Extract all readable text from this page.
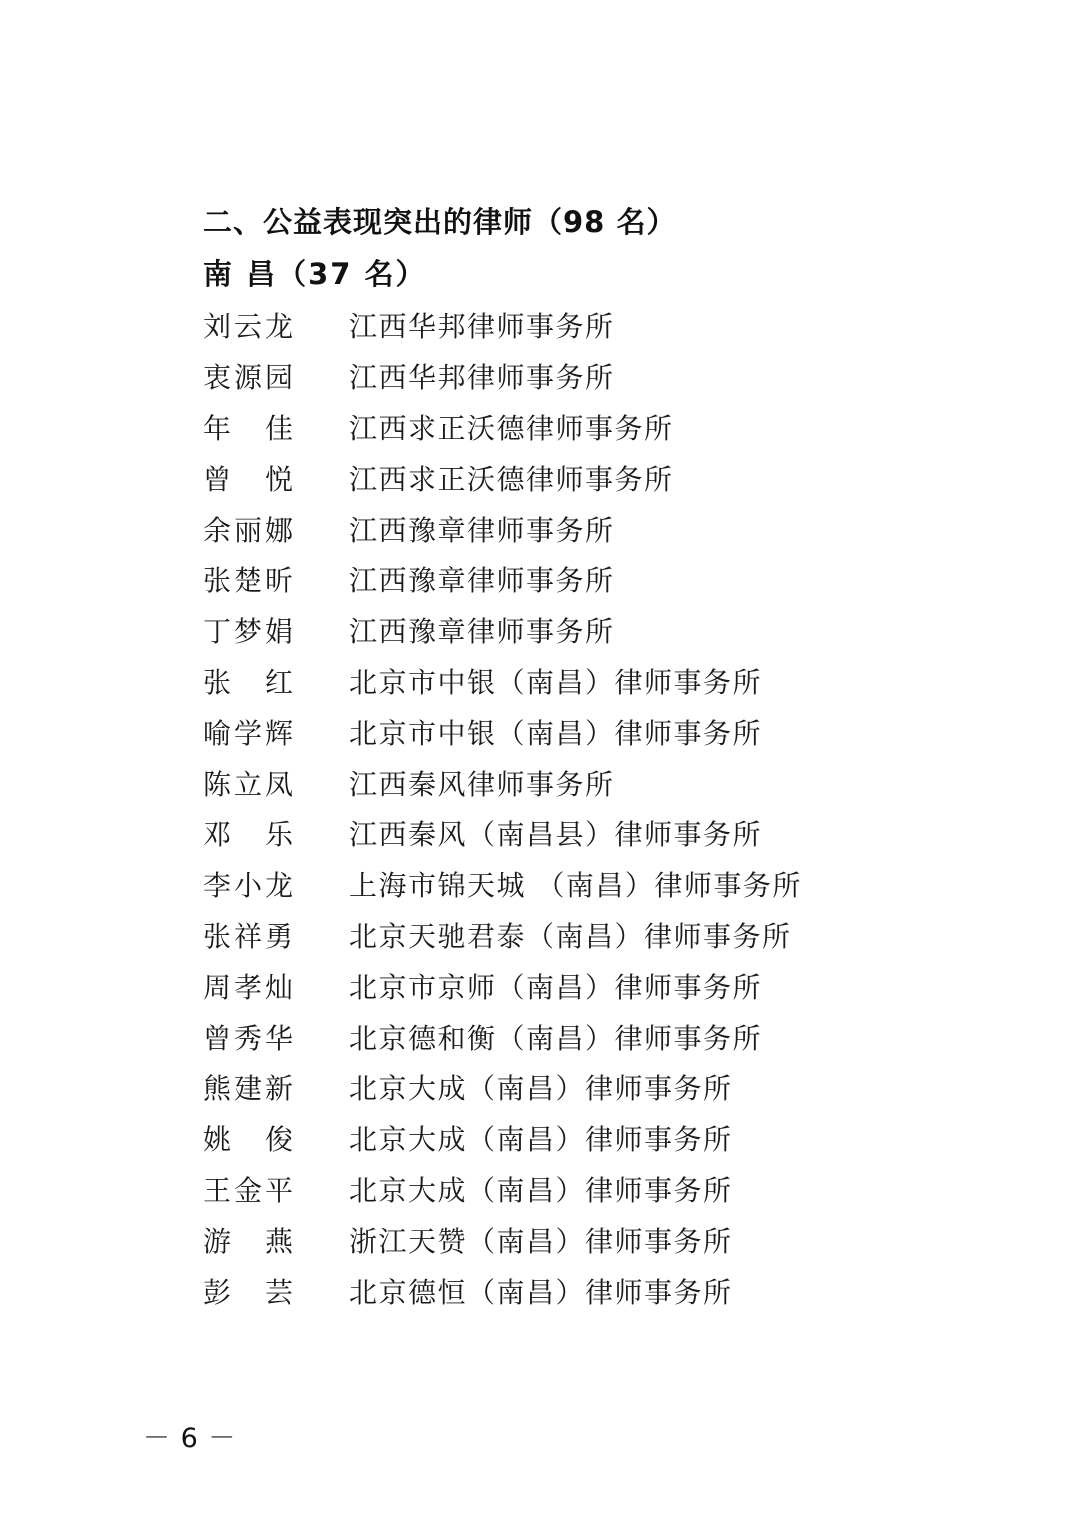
二、公益表现突出的律师（98 名）
南 昌（37 名）
刘云龙 江西华邦律师事务所
衷源园 江西华邦律师事务所
年佳 江西求正沃德律师事务所
曾悦 江西求正沃德律师事务所
余丽娜 江西豫章律师事务所
张楚昕 江西豫章律师事务所
丁梦娟 江西豫章律师事务所
张红 北京市中银（南昌）律师事务所
喻学辉 北京市中银（南昌）律师事务所
陈立凤 江西秦风律师事务所
邓乐 江西秦风（南昌县）律师事务所
李小龙 上海市锦天城 （南昌）律师事务所
张祥勇 北京天驰君泰（南昌）律师事务所
周孝灿 北京市京师（南昌）律师事务所
曾秀华 北京德和衡（南昌）律师事务所
熊建新 北京大成（南昌）律师事务所
姚俊 北京大成（南昌）律师事务所
王金平 北京大成（南昌）律师事务所
游燕 浙江天赞（南昌）律师事务所
彭芸 北京德恒（南昌）律师事务所
－ 6 －
